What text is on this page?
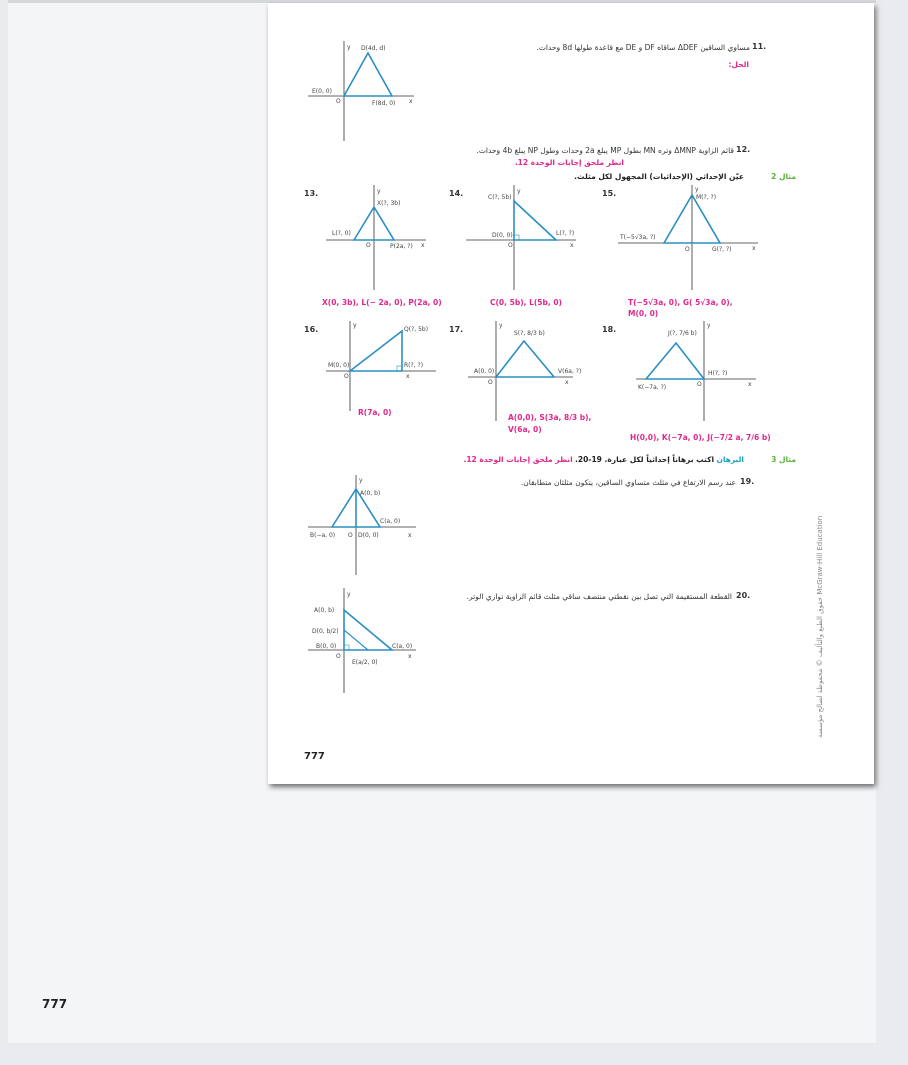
D(4d, d)
E(0, 0)
F(8d, 0)
O
y
x
مساوي الساقين ΔDEF ساقاه DF و DE مع قاعدة طولها 8d وحدات. 11.
الحل:
قائم الزاوية ΔMNP وتره MN بطول MP يبلغ 2a وحدات وطول NP يبلغ 4b وحدات. 12.
انظر ملحق إجابات الوحدة 12.
مثال 2
عيّن الإحداثي (الإحداثيات) المجهول لكل مثلث.
13.
X(?, 3b)
L(?, 0)
P(2a, ?)
O
y
x
X(0, 3b), L(− 2a, 0), P(2a, 0)
14.	C(?, 5b)
D(0, 0)	L(?, ?)
O
y
x
C(0, 5b), L(5b, 0)
15.	M(?, ?)
T(−5√3a, ?)
G(?, ?)
O
y
x
T(−5√3a, 0), G( 5√3a, 0),
M(0, 0)
16.	Q(?, 5b)
M(0, 0)	R(?, ?)
O
y
x
R(7a, 0)
17.	S(?, 8/3 b)
A(0, 0)	V(6a, ?)
O
y
x
A(0,0), S(3a, 8/3 b),
V(6a, 0)
18.	J(?, 7/6 b)
K(−7a, ?)
H(?, ?)
O
y
x
H(0,0), K(−7a, 0), J(−7/2 a, 7/6 b)
مثال 3
البرهان اكتب برهاناً إحداثياً لكل عبارة. 19-20. انظر ملحق إجابات الوحدة 12.
19.
عند رسم الارتفاع في مثلث متساوي الساقين، يتكون مثلثان متطابقان.
A(0, b)
B(−a, 0)
C(a, 0)
D(0, 0)
O
y
x
20.
القطعة المستقيمة التي تصل بين نقطتي منتصف ساقي مثلث قائم الزاوية توازي الوتر.
A(0, b)
D(0, b/2)
B(0, 0)	C(a, 0)
E(a/2, 0)
O
y
x	حقوق الطبع والتأليف © محفوظة لصالح مؤسسة McGraw-Hill Education
777
777
